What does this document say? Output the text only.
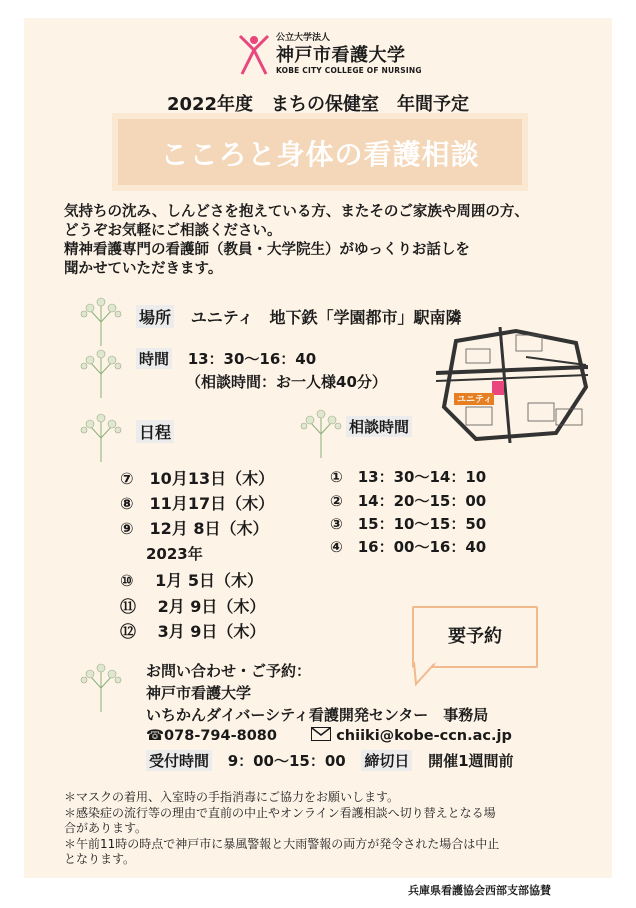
公立大学法人
神戸市看護大学
KOBE CITY COLLEGE OF NURSING
2022年度　まちの保健室　年間予定
こころと身体の看護相談
気持ちの沈み、しんどさを抱えている方、またそのご家族や周囲の方、
どうぞお気軽にご相談ください。
精神看護専門の看護師（教員・大学院生）がゆっくりお話しを
聞かせていただきます。
場所 ユニティ　地下鉄「学園都市」駅南隣
時間 13：30〜16：40
（相談時間：お一人様40分）
ユニティ
日程	相談時間
⑦　10月13日（木）
⑧　11月17日（木）
⑨　12月 8日（木）
2023年
⑩　 1月 5日（木）
⑪　 2月 9日（木）
⑫　 3月 9日（木）
①　13：30〜14：10
②　14：20〜15：00
③　15：10〜15：50
④　16：00〜16：40
要予約
お問い合わせ・ご予約：
神戸市看護大学
いちかんダイバーシティ看護開発センター　事務局
☎078-794-8080	chiiki@kobe-ccn.ac.jp
受付時間 9：00〜15：00 締切日 開催1週間前
＊マスクの着用、入室時の手指消毒にご協力をお願いします。
＊感染症の流行等の理由で直前の中止やオンライン看護相談へ切り替えとなる場
合があります。
＊午前11時の時点で神戸市に暴風警報と大雨警報の両方が発令された場合は中止
となります。
兵庫県看護協会西部支部協賛
